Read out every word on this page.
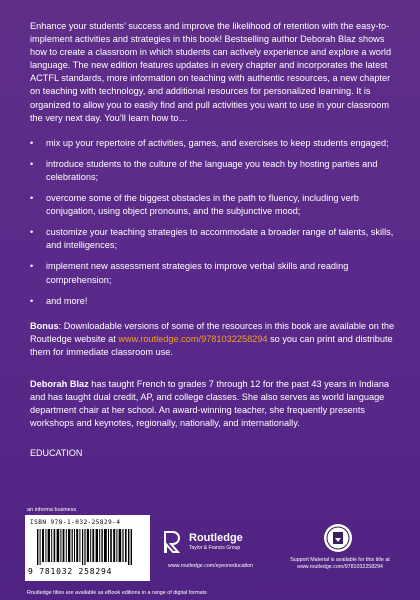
Enhance your students’ success and improve the likelihood of retention with the easy-to-implement activities and strategies in this book! Bestselling author Deborah Blaz shows how to create a classroom in which students can actively experience and explore a world language. The new edition features updates in every chapter and incorporates the latest ACTFL standards, more information on teaching with authentic resources, a new chapter on teaching with technology, and additional resources for personalized learning. It is organized to allow you to easily find and pull activities you want to use in your classroom the very next day. You’ll learn how to…

• mix up your repertoire of activities, games, and exercises to keep students engaged;
• introduce students to the culture of the language you teach by hosting parties and celebrations;
• overcome some of the biggest obstacles in the path to fluency, including verb conjugation, using object pronouns, and the subjunctive mood;
• customize your teaching strategies to accommodate a broader range of talents, skills, and intelligences;
• implement new assessment strategies to improve verbal skills and reading comprehension;
• and more!

Bonus: Downloadable versions of some of the resources in this book are available on the Routledge website at www.routledge.com/9781032258294 so you can print and distribute them for immediate classroom use.

Deborah Blaz has taught French to grades 7 through 12 for the past 43 years in Indiana and has taught dual credit, AP, and college classes. She also serves as world language department chair at her school. An award-winning teacher, she frequently presents workshops and keynotes, regionally, nationally, and internationally.

EDUCATION

an informa business
ISBN 978-1-032-25829-4
9 781032 258294
Routledge
Taylor & Francis Group
www.routledge.com/eyeoneducation
Support Material is available for this title at www.routledge.com/9781032258294
Routledge titles are available as eBook editions in a range of digital formats
